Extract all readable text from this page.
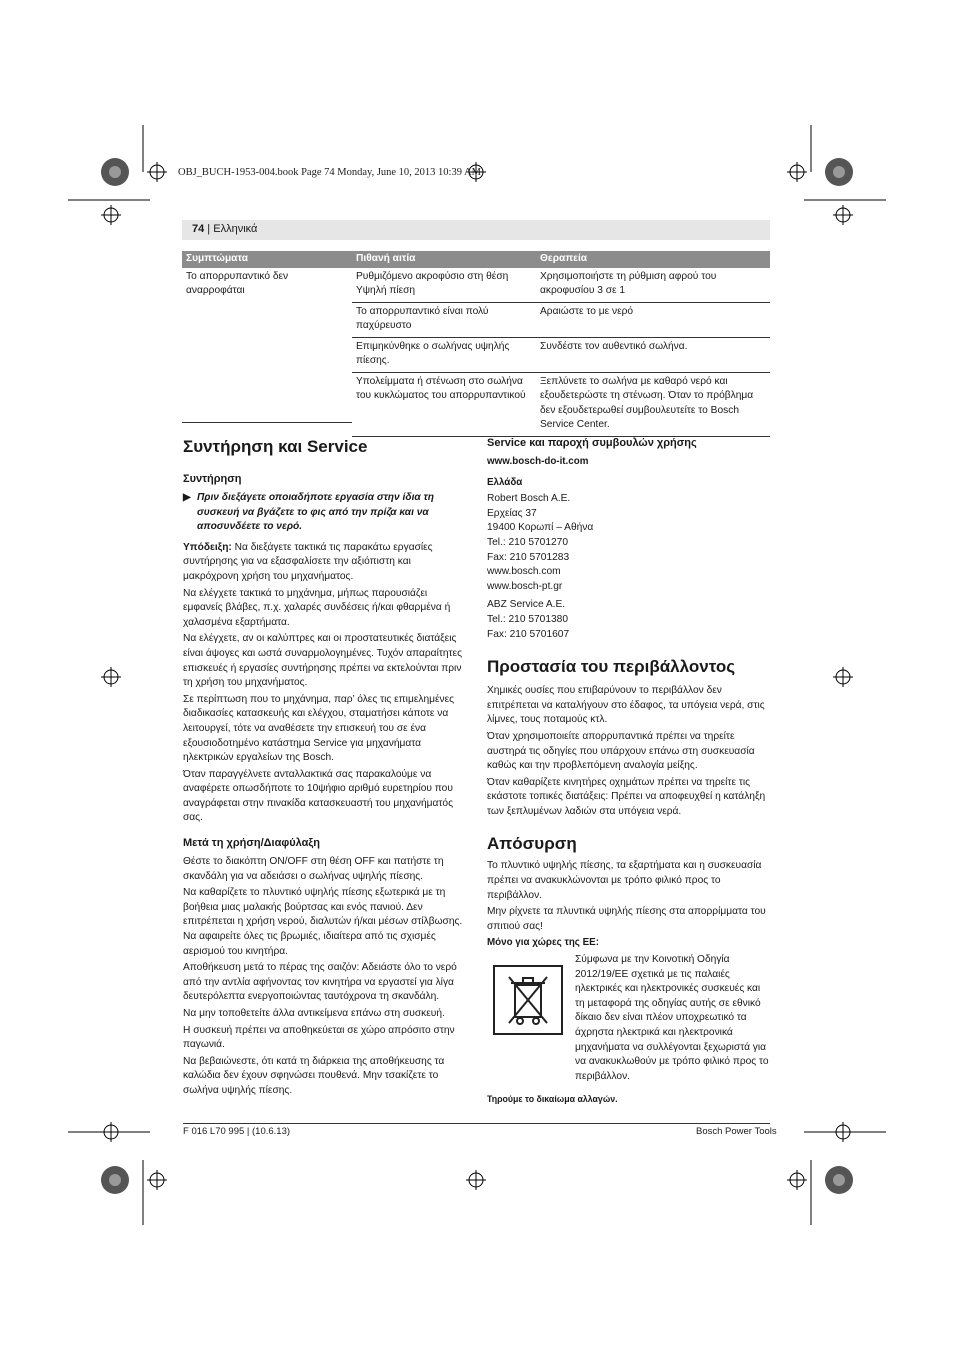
OBJ_BUCH-1953-004.book Page 74 Monday, June 10, 2013 10:39 AM
74 | Ελληνικά
Συμπτώματα	Πιθανή αιτία	Θεραπεία
Το απορρυπαντικό δεν αναρροφάται	Ρυθμιζόμενο ακροφύσιο στη θέση Υψηλή πίεση	Χρησιμοποιήστε τη ρύθμιση αφρού του ακροφυσίου 3 σε 1
	Το απορρυπαντικό είναι πολύ παχύρευστο	Αραιώστε το με νερό
	Επιμηκύνθηκε ο σωλήνας υψηλής πίεσης.	Συνδέστε τον αυθεντικό σωλήνα.
	Υπολείμματα ή στένωση στο σωλήνα του κυκλώματος του απορρυπαντικού	Ξεπλύνετε το σωλήνα με καθαρό νερό και εξουδετερώστε τη στένωση. Όταν το πρόβλημα δεν εξουδετερωθεί συμβουλευτείτε το Bosch Service Center.
Συντήρηση και Service
Συντήρηση
▶ Πριν διεξάγετε οποιαδήποτε εργασία στην ίδια τη συσκευή να βγάζετε το φις από την πρίζα και να αποσυνδέετε το νερό.

Υπόδειξη: Να διεξάγετε τακτικά τις παρακάτω εργασίες συντήρησης για να εξασφαλίσετε την αξιόπιστη και μακρόχρονη χρήση του μηχανήματος.

Να ελέγχετε τακτικά το μηχάνημα, μήπως παρουσιάζει εμφανείς βλάβες, π.χ. χαλαρές συνδέσεις ή/και φθαρμένα ή χαλασμένα εξαρτήματα.

Να ελέγχετε, αν οι καλύπτρες και οι προστατευτικές διατάξεις είναι άψογες και ωστά συναρμολογημένες. Τυχόν απαραίτητες επισκευές ή εργασίες συντήρησης πρέπει να εκτελούνται πριν τη χρήση του μηχανήματος.

Σε περίπτωση που το μηχάνημα, παρ’ όλες τις επιμελημένες διαδικασίες κατασκευής και ελέγχου, σταματήσει κάποτε να λειτουργεί, τότε να αναθέσετε την επισκευή του σε ένα εξουσιοδοτημένο κατάστημα Service για μηχανήματα ηλεκτρικών εργαλείων της Bosch.

Όταν παραγγέλνετε ανταλλακτικά σας παρακαλούμε να αναφέρετε οπωσδήποτε το 10ψήφιο αριθμό ευρετηρίου που αναγράφεται στην πινακίδα κατασκευαστή του μηχανήματός σας.

Μετά τη χρήση/Διαφύλαξη

Θέστε το διακόπτη ON/OFF στη θέση OFF και πατήστε τη σκανδάλη για να αδειάσει ο σωλήνας υψηλής πίεσης.

Να καθαρίζετε το πλυντικό υψηλής πίεσης εξωτερικά με τη βοήθεια μιας μαλακής βούρτσας και ενός πανιού. Δεν επιτρέπεται η χρήση νερού, διαλυτών ή/και μέσων στίλβωσης. Να αφαιρείτε όλες τις βρωμιές, ιδιαίτερα από τις σχισμές αερισμού του κινητήρα.

Αποθήκευση μετά το πέρας της σαιζόν: Αδειάστε όλο το νερό από την αντλία αφήνοντας τον κινητήρα να εργαστεί για λίγα δευτερόλεπτα ενεργοποιώντας ταυτόχρονα τη σκανδάλη.

Να μην τοποθετείτε άλλα αντικείμενα επάνω στη συσκευή.

Η συσκευή πρέπει να αποθηκεύεται σε χώρο απρόσιτο στην παγωνιά.

Να βεβαιώνεστε, ότι κατά τη διάρκεια της αποθήκευσης τα καλώδια δεν έχουν σφηνώσει πουθενά. Μην τσακίζετε το σωλήνα υψηλής πίεσης.

Service και παροχή συμβουλών χρήσης

www.bosch-do-it.com

Ελλάδα

Robert Bosch A.E.

Ερχείας 37

19400 Κορωπί – Αθήνα

Tel.: 210 5701270

Fax: 210 5701283

www.bosch.com

www.bosch-pt.gr

ABZ Service A.E.

Tel.: 210 5701380

Fax: 210 5701607

Προστασία του περιβάλλοντος

Χημικές ουσίες που επιβαρύνουν το περιβάλλον δεν επιτρέπεται να καταλήγουν στο έδαφος, τα υπόγεια νερά, στις λίμνες, τους ποταμούς κτλ.

Όταν χρησιμοποιείτε απορρυπαντικά πρέπει να τηρείτε αυστηρά τις οδηγίες που υπάρχουν επάνω στη συσκευασία καθώς και την προβλεπόμενη αναλογία μείξης.

Όταν καθαρίζετε κινητήρες οχημάτων πρέπει να τηρείτε τις εκάστοτε τοπικές διατάξεις: Πρέπει να αποφευχθεί η κατάληξη των ξεπλυμένων λαδιών στα υπόγεια νερά.

Απόσυρση

Το πλυντικό υψηλής πίεσης, τα εξαρτήματα και η συσκευασία πρέπει να ανακυκλώνονται με τρόπο φιλικό προς το περιβάλλον.

Μην ρίχνετε τα πλυντικά υψηλής πίεσης στα απορρίμματα του σπιτιού σας!

Μόνο για χώρες της ΕΕ:

Σύμφωνα με την Κοινοτική Οδηγία 2012/19/ΕΕ σχετικά με τις παλαιές ηλεκτρικές και ηλεκτρονικές συσκευές και τη μεταφορά της οδηγίας αυτής σε εθνικό δίκαιο δεν είναι πλέον υποχρεωτικό τα άχρηστα ηλεκτρικά και ηλεκτρονικά μηχανήματα να συλλέγονται ξεχωριστά για να ανακυκλωθούν με τρόπο φιλικό προς το περιβάλλον.

Τηρούμε το δικαίωμα αλλαγών.

F 016 L70 995 | (10.6.13)	Bosch Power Tools
